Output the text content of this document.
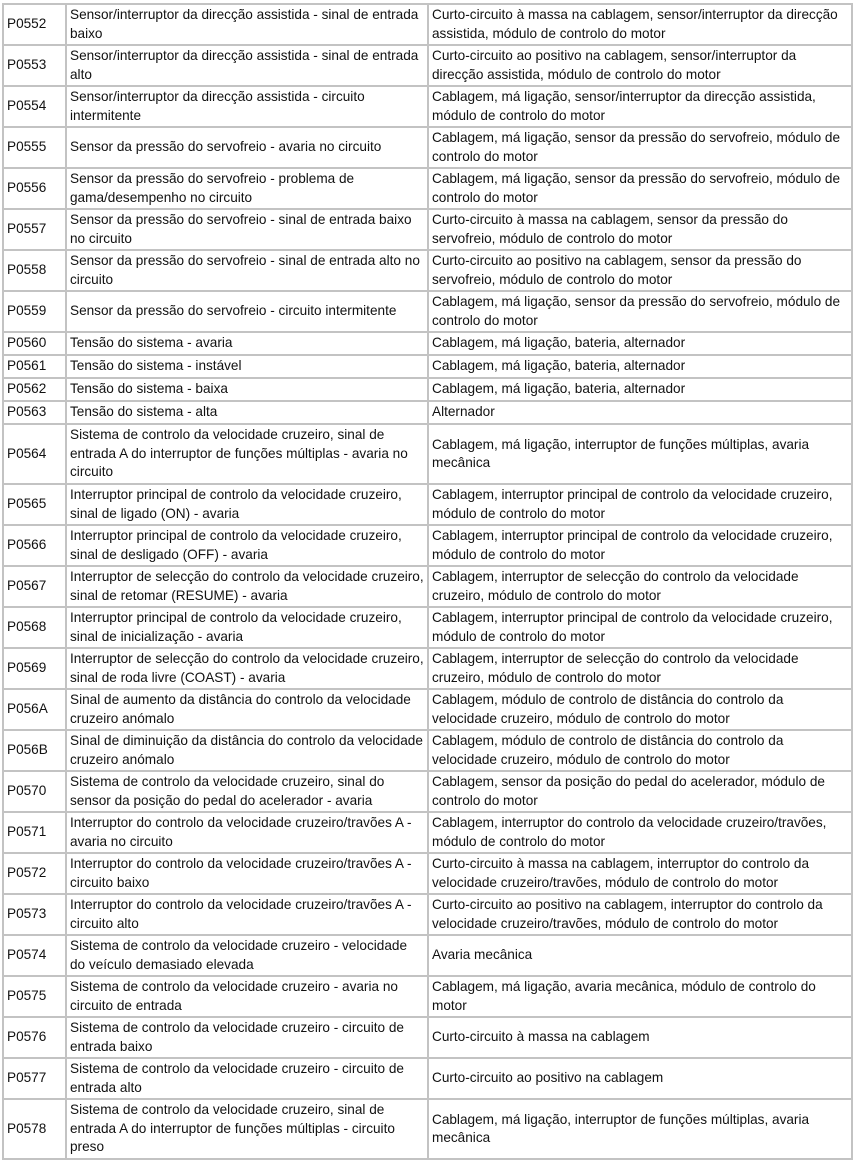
P0552	Sensor/interruptor da direcção assistida - sinal de entrada baixo	Curto-circuito à massa na cablagem, sensor/interruptor da direcção assistida, módulo de controlo do motor
P0553	Sensor/interruptor da direcção assistida - sinal de entrada alto	Curto-circuito ao positivo na cablagem, sensor/interruptor da direcção assistida, módulo de controlo do motor
P0554	Sensor/interruptor da direcção assistida - circuito intermitente	Cablagem, má ligação, sensor/interruptor da direcção assistida, módulo de controlo do motor
P0555	Sensor da pressão do servofreio - avaria no circuito	Cablagem, má ligação, sensor da pressão do servofreio, módulo de controlo do motor
P0556	Sensor da pressão do servofreio - problema de gama/desempenho no circuito	Cablagem, má ligação, sensor da pressão do servofreio, módulo de controlo do motor
P0557	Sensor da pressão do servofreio - sinal de entrada baixo no circuito	Curto-circuito à massa na cablagem, sensor da pressão do servofreio, módulo de controlo do motor
P0558	Sensor da pressão do servofreio - sinal de entrada alto no circuito	Curto-circuito ao positivo na cablagem, sensor da pressão do servofreio, módulo de controlo do motor
P0559	Sensor da pressão do servofreio - circuito intermitente	Cablagem, má ligação, sensor da pressão do servofreio, módulo de controlo do motor
P0560	Tensão do sistema - avaria	Cablagem, má ligação, bateria, alternador
P0561	Tensão do sistema - instável	Cablagem, má ligação, bateria, alternador
P0562	Tensão do sistema - baixa	Cablagem, má ligação, bateria, alternador
P0563	Tensão do sistema - alta	Alternador
P0564	Sistema de controlo da velocidade cruzeiro, sinal de entrada A do interruptor de funções múltiplas - avaria no circuito	Cablagem, má ligação, interruptor de funções múltiplas, avaria mecânica
P0565	Interruptor principal de controlo da velocidade cruzeiro, sinal de ligado (ON) - avaria	Cablagem, interruptor principal de controlo da velocidade cruzeiro, módulo de controlo do motor
P0566	Interruptor principal de controlo da velocidade cruzeiro, sinal de desligado (OFF) - avaria	Cablagem, interruptor principal de controlo da velocidade cruzeiro, módulo de controlo do motor
P0567	Interruptor de selecção do controlo da velocidade cruzeiro, sinal de retomar (RESUME) - avaria	Cablagem, interruptor de selecção do controlo da velocidade cruzeiro, módulo de controlo do motor
P0568	Interruptor principal de controlo da velocidade cruzeiro, sinal de inicialização - avaria	Cablagem, interruptor principal de controlo da velocidade cruzeiro, módulo de controlo do motor
P0569	Interruptor de selecção do controlo da velocidade cruzeiro, sinal de roda livre (COAST) - avaria	Cablagem, interruptor de selecção do controlo da velocidade cruzeiro, módulo de controlo do motor
P056A	Sinal de aumento da distância do controlo da velocidade cruzeiro anómalo	Cablagem, módulo de controlo de distância do controlo da velocidade cruzeiro, módulo de controlo do motor
P056B	Sinal de diminuição da distância do controlo da velocidade cruzeiro anómalo	Cablagem, módulo de controlo de distância do controlo da velocidade cruzeiro, módulo de controlo do motor
P0570	Sistema de controlo da velocidade cruzeiro, sinal do sensor da posição do pedal do acelerador - avaria	Cablagem, sensor da posição do pedal do acelerador, módulo de controlo do motor
P0571	Interruptor do controlo da velocidade cruzeiro/travões A - avaria no circuito	Cablagem, interruptor do controlo da velocidade cruzeiro/travões, módulo de controlo do motor
P0572	Interruptor do controlo da velocidade cruzeiro/travões A - circuito baixo	Curto-circuito à massa na cablagem, interruptor do controlo da velocidade cruzeiro/travões, módulo de controlo do motor
P0573	Interruptor do controlo da velocidade cruzeiro/travões A - circuito alto	Curto-circuito ao positivo na cablagem, interruptor do controlo da velocidade cruzeiro/travões, módulo de controlo do motor
P0574	Sistema de controlo da velocidade cruzeiro - velocidade do veículo demasiado elevada	Avaria mecânica
P0575	Sistema de controlo da velocidade cruzeiro - avaria no circuito de entrada	Cablagem, má ligação, avaria mecânica, módulo de controlo do motor
P0576	Sistema de controlo da velocidade cruzeiro - circuito de entrada baixo	Curto-circuito à massa na cablagem
P0577	Sistema de controlo da velocidade cruzeiro - circuito de entrada alto	Curto-circuito ao positivo na cablagem
P0578	Sistema de controlo da velocidade cruzeiro, sinal de entrada A do interruptor de funções múltiplas - circuito preso	Cablagem, má ligação, interruptor de funções múltiplas, avaria mecânica
